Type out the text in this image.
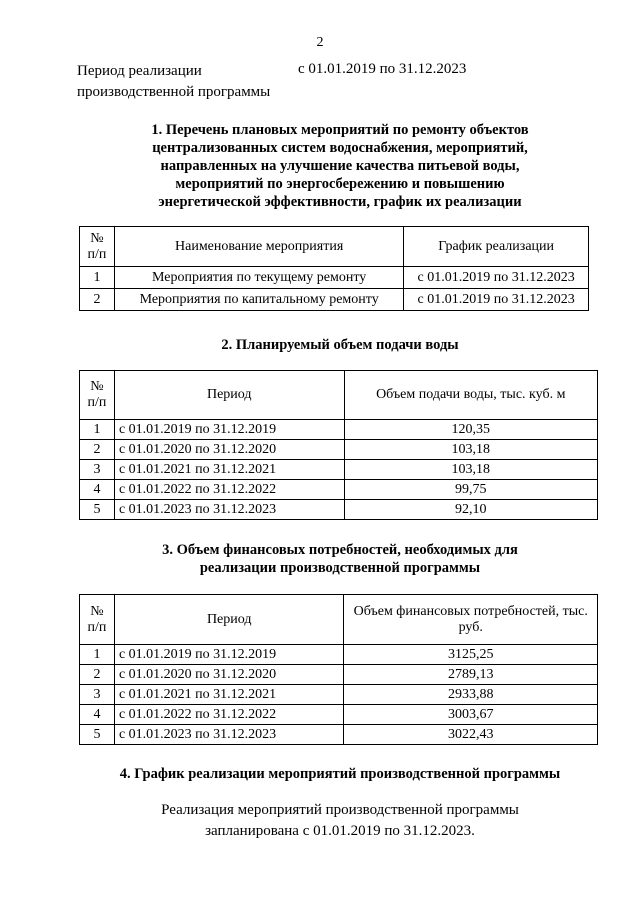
2
Период реализации
производственной программы
с 01.01.2019 по 31.12.2023
1. Перечень плановых мероприятий по ремонту объектов
централизованных систем водоснабжения, мероприятий,
направленных на улучшение качества питьевой воды,
мероприятий по энергосбережению и повышению
энергетической эффективности, график их реализации
№ п/п	Наименование мероприятия	График реализации
1	Мероприятия по текущему ремонту	с 01.01.2019 по 31.12.2023
2	Мероприятия по капитальному ремонту	с 01.01.2019 по 31.12.2023
2. Планируемый объем подачи воды
№ п/п	Период	Объем подачи воды, тыс. куб. м
1	с 01.01.2019 по 31.12.2019	120,35
2	с 01.01.2020 по 31.12.2020	103,18
3	с 01.01.2021 по 31.12.2021	103,18
4	с 01.01.2022 по 31.12.2022	99,75
5	с 01.01.2023 по 31.12.2023	92,10
3. Объем финансовых потребностей, необходимых для
реализации производственной программы
№ п/п	Период	Объем финансовых потребностей, тыс. руб.
1	с 01.01.2019 по 31.12.2019	3125,25
2	с 01.01.2020 по 31.12.2020	2789,13
3	с 01.01.2021 по 31.12.2021	2933,88
4	с 01.01.2022 по 31.12.2022	3003,67
5	с 01.01.2023 по 31.12.2023	3022,43
4. График реализации мероприятий производственной программы
Реализация мероприятий производственной программы
запланирована с 01.01.2019 по 31.12.2023.
